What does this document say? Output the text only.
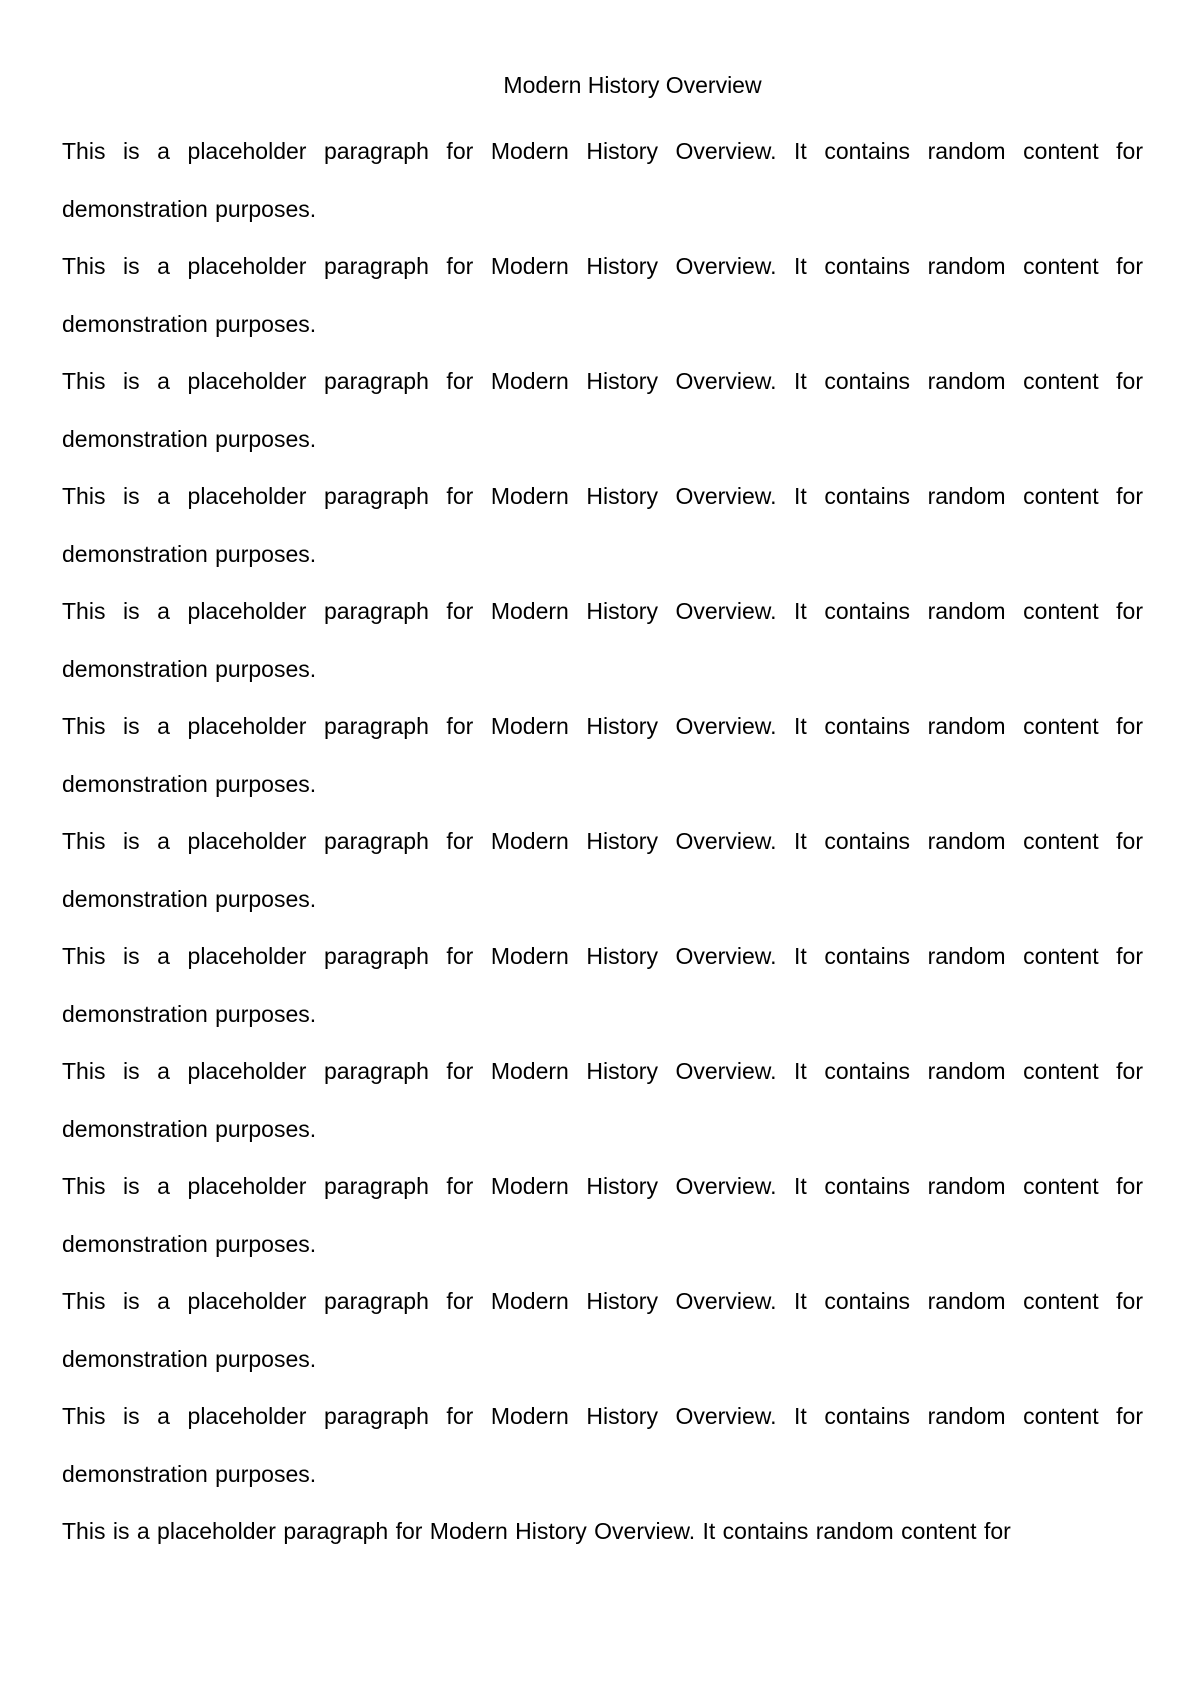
Modern History Overview

This is a placeholder paragraph for Modern History Overview. It contains random content for demonstration purposes.

This is a placeholder paragraph for Modern History Overview. It contains random content for demonstration purposes.

This is a placeholder paragraph for Modern History Overview. It contains random content for demonstration purposes.

This is a placeholder paragraph for Modern History Overview. It contains random content for demonstration purposes.

This is a placeholder paragraph for Modern History Overview. It contains random content for demonstration purposes.

This is a placeholder paragraph for Modern History Overview. It contains random content for demonstration purposes.

This is a placeholder paragraph for Modern History Overview. It contains random content for demonstration purposes.

This is a placeholder paragraph for Modern History Overview. It contains random content for demonstration purposes.

This is a placeholder paragraph for Modern History Overview. It contains random content for demonstration purposes.

This is a placeholder paragraph for Modern History Overview. It contains random content for demonstration purposes.

This is a placeholder paragraph for Modern History Overview. It contains random content for demonstration purposes.

This is a placeholder paragraph for Modern History Overview. It contains random content for demonstration purposes.

This is a placeholder paragraph for Modern History Overview. It contains random content for
